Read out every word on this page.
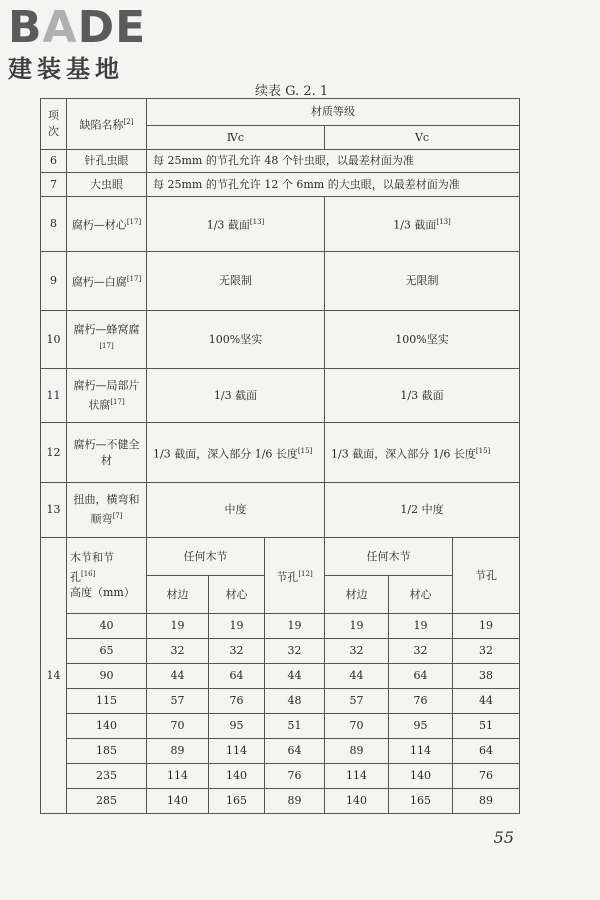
B A DE
建装基地
续表 G. 2. 1
项次	缺陷名称[2]	材质等级					
		Ⅳc			Ⅴc		
6	针孔虫眼	每 25mm 的节孔允许 48 个针虫眼，以最差材面为准					
7	大虫眼	每 25mm 的节孔允许 12 个 6mm 的大虫眼，以最差材面为准					
8	腐朽—材心[17]	1/3 截面[13]			1/3 截面[13]
9	腐朽—白腐[17]	无限制			无限制		
10	腐朽—蜂窝腐[17]	100%坚实			100%坚实		
11	腐朽—局部片状腐[17]	1/3 截面			1/3 截面		
12	腐朽—不健全材	1/3 截面，深入部分 1/6 长度[15]			1/3 截面，深入部分 1/6 长度[15]
13	扭曲，横弯和顺弯[7]	中度			1/2 中度		
14	木节和节
孔[16]
高度（mm）	任何木节		节孔[12]	任何木节		节孔
		材边	材心		材边	材心	
	40	19	19	19	19	19	19
	65	32	32	32	32	32	32
	90	44	64	44	44	64	38
	115	57	76	48	57	76	44
	140	70	95	51	70	95	51
	185	89	114	64	89	114	64
	235	114	140	76	114	140	76
	285	140	165	89	140	165	89
55
